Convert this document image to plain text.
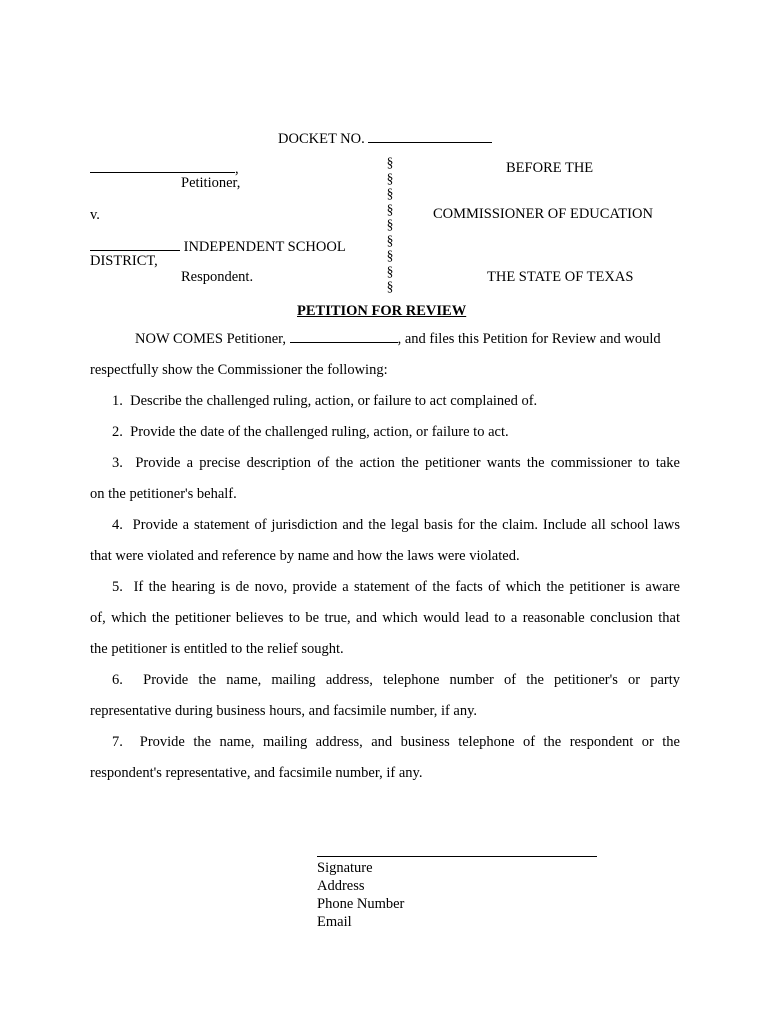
DOCKET NO.
,
Petitioner,
v.
INDEPENDENT SCHOOL
DISTRICT,
Respondent.
§
§
§
§
§
§
§
§
§
BEFORE THE
COMMISSIONER OF EDUCATION
THE STATE OF TEXAS
PETITION FOR REVIEW
NOW COMES Petitioner,	, and files this Petition for Review and would
respectfully show the Commissioner the following:
1. Describe the challenged ruling, action, or failure to act complained of.
2. Provide the date of the challenged ruling, action, or failure to act.
3. Provide a precise description of the action the petitioner wants the commissioner to take
on the petitioner's behalf.
4. Provide a statement of jurisdiction and the legal basis for the claim. Include all school laws
that were violated and reference by name and how the laws were violated.
5. If the hearing is de novo, provide a statement of the facts of which the petitioner is aware
of, which the petitioner believes to be true, and which would lead to a reasonable conclusion that
the petitioner is entitled to the relief sought.
6. Provide the name, mailing address, telephone number of the petitioner's or party
representative during business hours, and facsimile number, if any.
7. Provide the name, mailing address, and business telephone of the respondent or the
respondent's representative, and facsimile number, if any.
Signature
Address
Phone Number
Email
